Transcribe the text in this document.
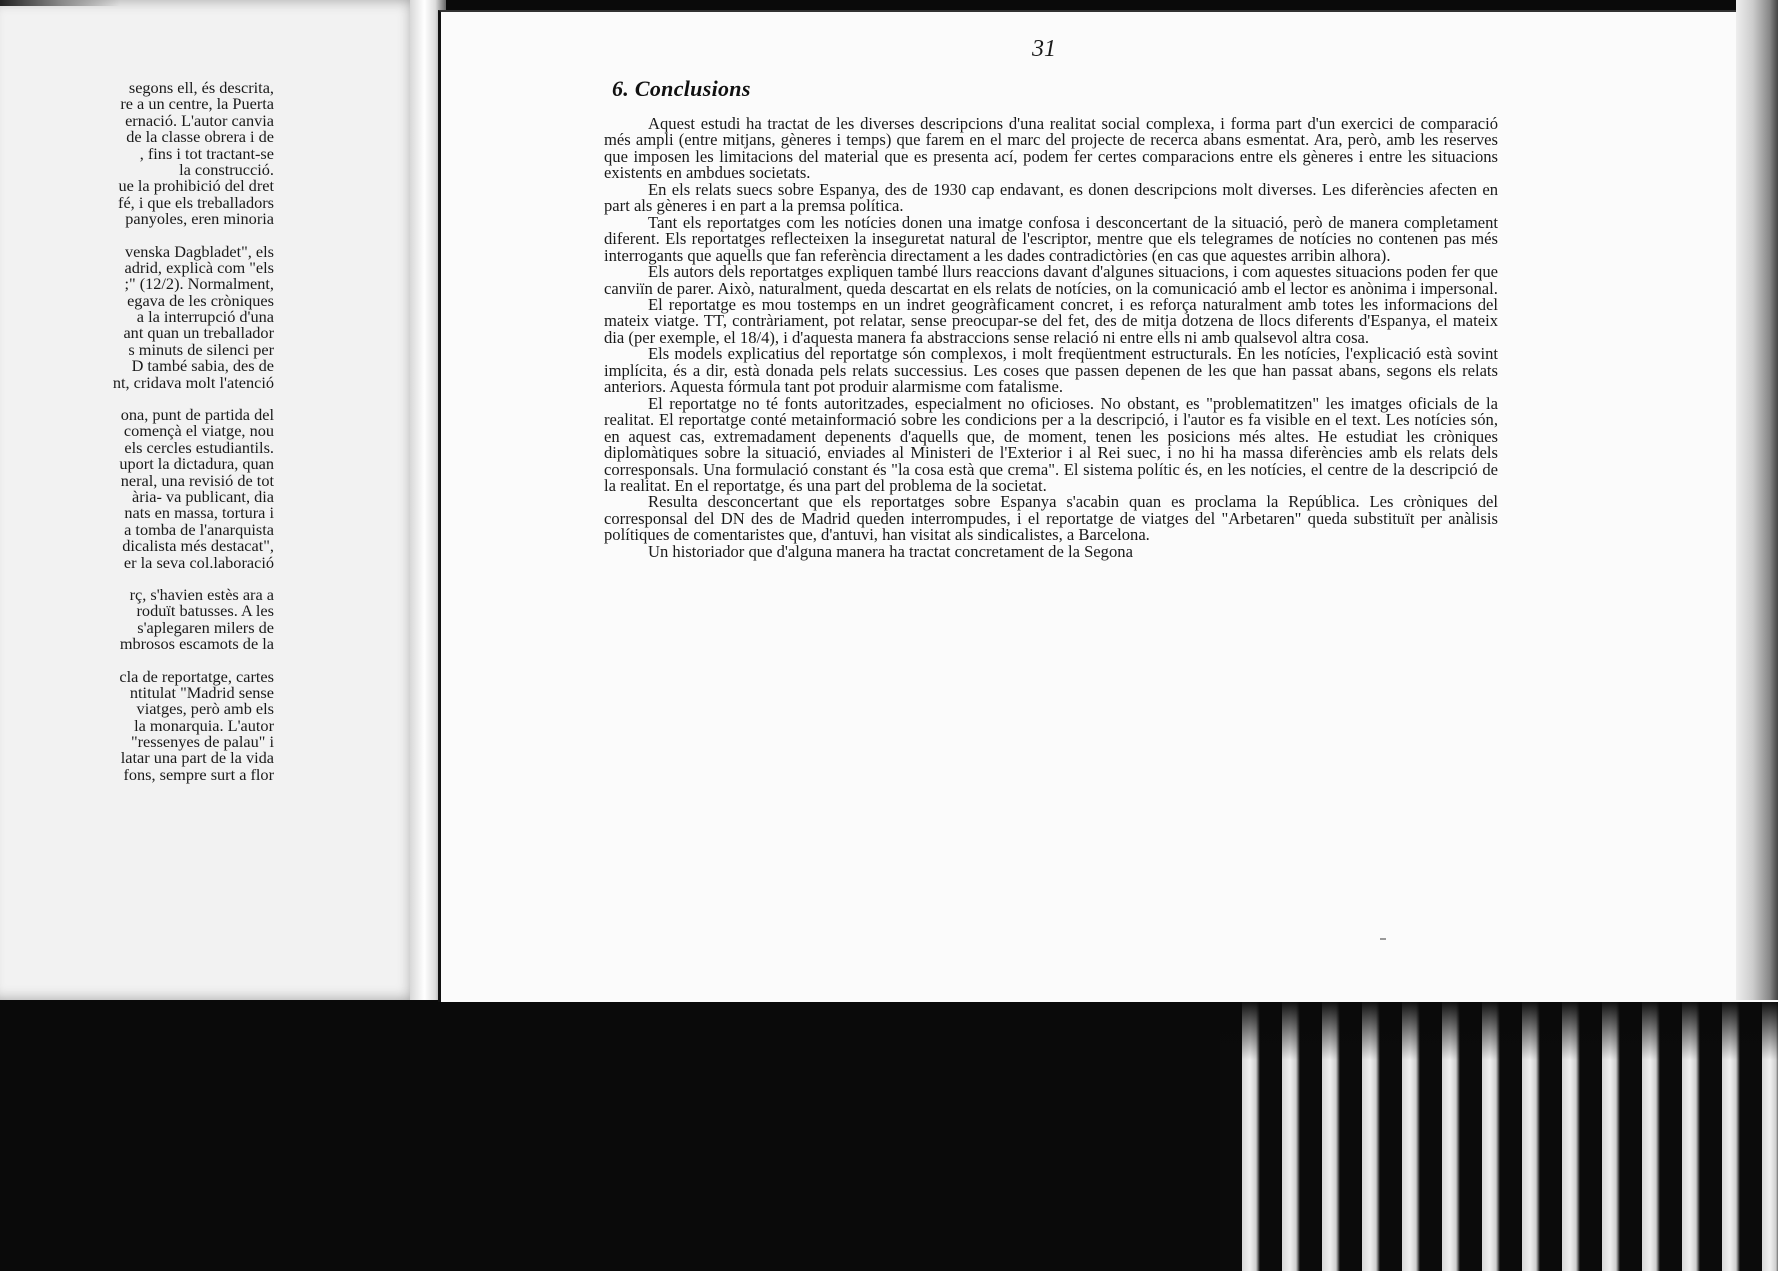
segons ell, és descrita,
re a un centre, la Puerta
ernació. L'autor canvia
de la classe obrera i de
, fins i tot tractant-se
la construcció.
ue la prohibició del dret
fé, i que els treballadors
panyoles, eren minoria
venska Dagbladet", els
adrid, explicà com "els
;" (12/2). Normalment,
egava de les cròniques
a la interrupció d'una
ant quan un treballador
s minuts de silenci per
D també sabia, des de
nt, cridava molt l'atenció
ona, punt de partida del
començà el viatge, nou
els cercles estudiantils.
uport la dictadura, quan
neral, una revisió de tot
ària- va publicant, dia
nats en massa, tortura i
a tomba de l'anarquista
dicalista més destacat",
er la seva col.laboració
rç, s'havien estès ara a
roduït batusses. A les
s'aplegaren milers de
mbrosos escamots de la
cla de reportatge, cartes
ntitulat "Madrid sense
viatges, però amb els
la monarquia. L'autor
"ressenyes de palau" i
latar una part de la vida
fons, sempre surt a flor
31
6. Conclusions

Aquest estudi ha tractat de les diverses descripcions d'una realitat social complexa, i forma part d'un exercici de comparació més ampli (entre mitjans, gèneres i temps) que farem en el marc del projecte de recerca abans esmentat. Ara, però, amb les reserves que imposen les limitacions del material que es presenta ací, podem fer certes comparacions entre els gèneres i entre les situacions existents en ambdues societats.

En els relats suecs sobre Espanya, des de 1930 cap endavant, es donen descripcions molt diverses. Les diferències afecten en part als gèneres i en part a la premsa política.

Tant els reportatges com les notícies donen una imatge confosa i desconcertant de la situació, però de manera completament diferent. Els reportatges reflecteixen la inseguretat natural de l'escriptor, mentre que els telegrames de notícies no contenen pas més interrogants que aquells que fan referència directament a les dades contradictòries (en cas que aquestes arribin alhora).

Els autors dels reportatges expliquen també llurs reaccions davant d'algunes situacions, i com aquestes situacions poden fer que canviïn de parer. Això, naturalment, queda descartat en els relats de notícies, on la comunicació amb el lector es anònima i impersonal.

El reportatge es mou tostemps en un indret geogràficament concret, i es reforça naturalment amb totes les informacions del mateix viatge. TT, contràriament, pot relatar, sense preocupar-se del fet, des de mitja dotzena de llocs diferents d'Espanya, el mateix dia (per exemple, el 18/4), i d'aquesta manera fa abstraccions sense relació ni entre ells ni amb qualsevol altra cosa.

Els models explicatius del reportatge són complexos, i molt freqüentment estructurals. En les notícies, l'explicació està sovint implícita, és a dir, està donada pels relats successius. Les coses que passen depenen de les que han passat abans, segons els relats anteriors. Aquesta fórmula tant pot produir alarmisme com fatalisme.

El reportatge no té fonts autoritzades, especialment no oficioses. No obstant, es "problematitzen" les imatges oficials de la realitat. El reportatge conté metainformació sobre les condicions per a la descripció, i l'autor es fa visible en el text. Les notícies són, en aquest cas, extremadament depenents d'aquells que, de moment, tenen les posicions més altes. He estudiat les cròniques diplomàtiques sobre la situació, enviades al Ministeri de l'Exterior i al Rei suec, i no hi ha massa diferències amb els relats dels corresponsals. Una formulació constant és "la cosa està que crema". El sistema polític és, en les notícies, el centre de la descripció de la realitat. En el reportatge, és una part del problema de la societat.

Resulta desconcertant que els reportatges sobre Espanya s'acabin quan es proclama la República. Les cròniques del corresponsal del DN des de Madrid queden interrompudes, i el reportatge de viatges del "Arbetaren" queda substituït per anàlisis polítiques de comentaristes que, d'antuvi, han visitat als sindicalistes, a Barcelona.

Un historiador que d'alguna manera ha tractat concretament de la Segona
